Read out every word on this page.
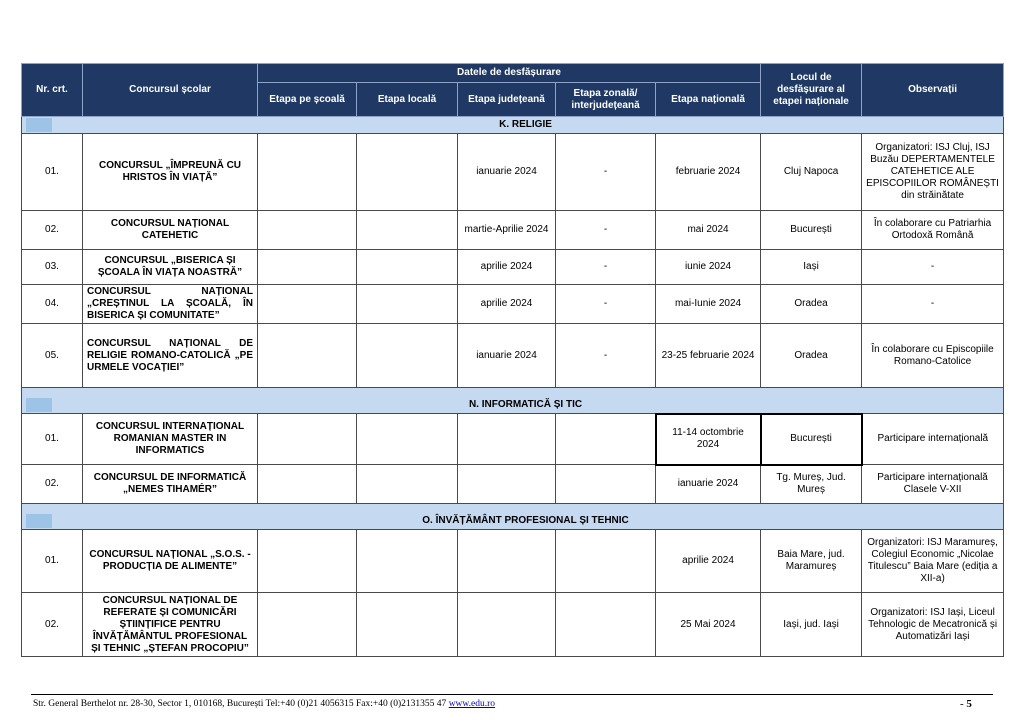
Nr. crt.	Concursul școlar	Datele de desfășurare					Locul de desfășurare al etapei naționale	Observații
		Etapa pe școală	Etapa locală	Etapa județeană	Etapa zonală/ interjudețeană	Etapa națională		

K. RELIGIE								

01.	CONCURSUL „ÎMPREUNĂ CU HRISTOS ÎN VIAȚĂ”			ianuarie 2024	-	februarie 2024	Cluj Napoca	Organizatori: ISJ Cluj, ISJ Buzău DEPERTAMENTELE CATEHETICE ALE EPISCOPIILOR ROMÂNEȘTI din străinătate
02.	CONCURSUL NAȚIONAL CATEHETIC			martie-Aprilie 2024	-	mai 2024	București	În colaborare cu Patriarhia Ortodoxă Română
03.	CONCURSUL „BISERICA ȘI ȘCOALA ÎN VIAȚA NOASTRĂ”			aprilie 2024	-	iunie 2024	Iași	-
04.	CONCURSUL NAȚIONAL „CREȘTINUL LA ȘCOALĂ, ÎN BISERICA ȘI COMUNITATE”			aprilie 2024	-	mai-Iunie 2024	Oradea	-
05.	CONCURSUL NAȚIONAL DE RELIGIE ROMANO-CATOLICĂ „PE URMELE VOCAȚIEI”			ianuarie 2024	-	23-25 februarie 2024	Oradea	În colaborare cu Episcopiile Romano-Catolice

N. INFORMATICĂ ȘI TIC								

01.	CONCURSUL INTERNAȚIONAL ROMANIAN MASTER IN INFORMATICS					11-14 octombrie 2024	București	Participare internațională
02.	CONCURSUL DE INFORMATICĂ „NEMES TIHAMÉR”					ianuarie 2024	Tg. Mureș, Jud. Mureș	Participare internațională Clasele V-XII

O. ÎNVĂȚĂMÂNT PROFESIONAL ȘI TEHNIC								

01.	CONCURSUL NAȚIONAL „S.O.S. - PRODUCȚIA DE ALIMENTE”					aprilie 2024	Baia Mare, jud. Maramureș	Organizatori: ISJ Maramureș, Colegiul Economic „Nicolae Titulescu” Baia Mare (ediția a XII-a)
02.	CONCURSUL NAȚIONAL DE REFERATE ȘI COMUNICĂRI ȘTIINȚIFICE PENTRU ÎNVĂȚĂMÂNTUL PROFESIONAL ȘI TEHNIC „ȘTEFAN PROCOPIU”					25 Mai 2024	Iași, jud. Iași	Organizatori: ISJ Iași, Liceul Tehnologic de Mecatronică și Automatizări Iași
Str. General Berthelot nr. 28-30, Sector 1, 010168, București Tel:+40 (0)21 4056315 Fax:+40 (0)2131355 47 www.edu.ro	- 5
